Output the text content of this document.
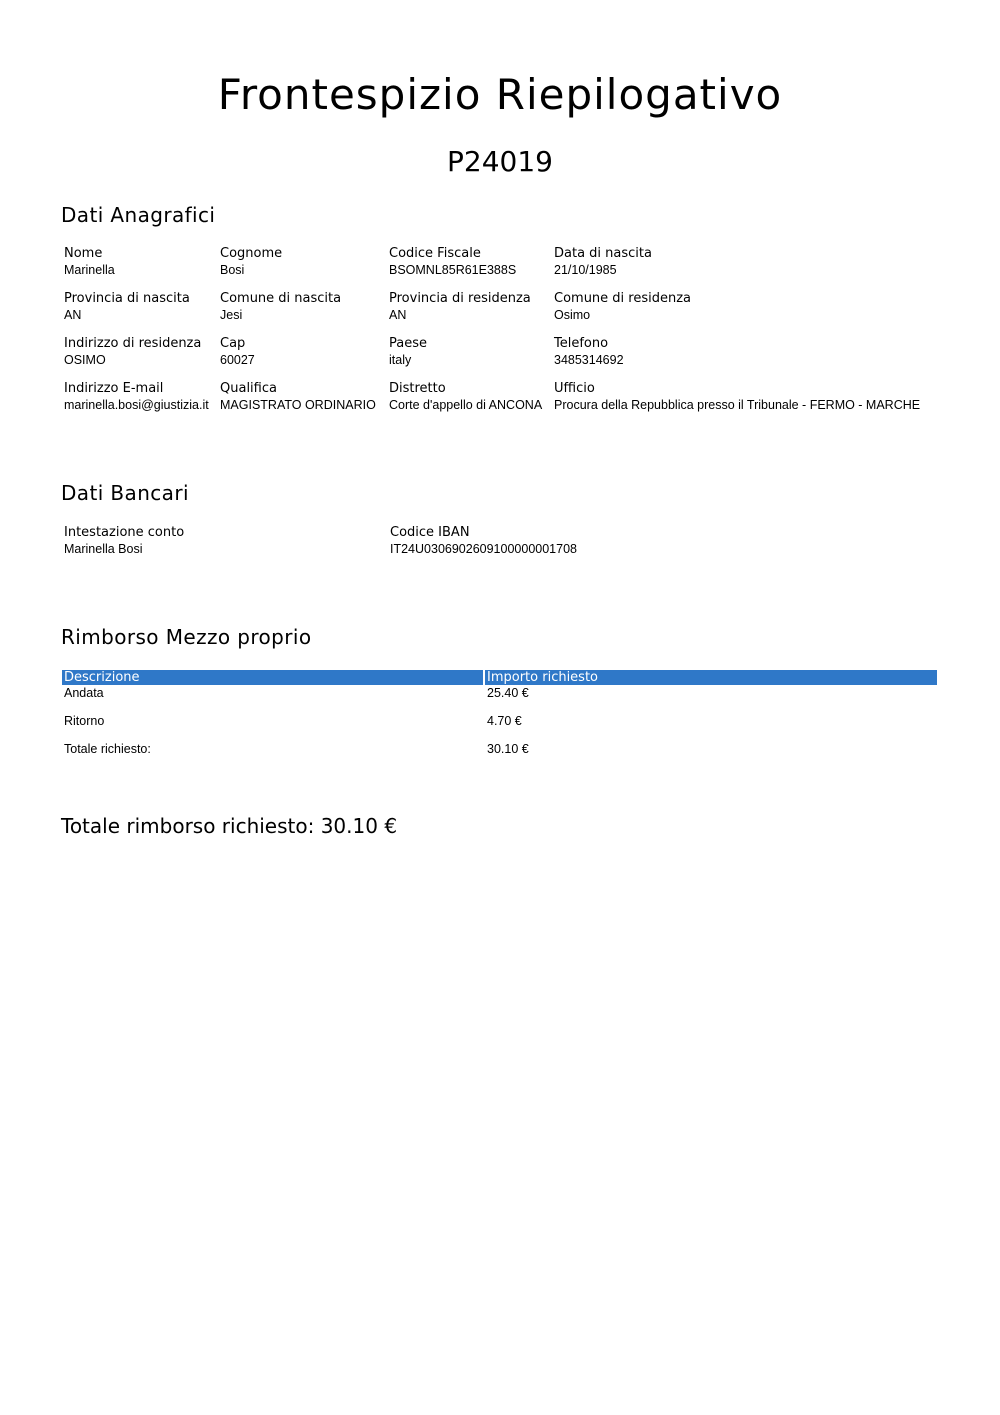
Frontespizio Riepilogativo
P24019
Dati Anagrafici
Nome
Marinella
Cognome
Bosi
Codice Fiscale
BSOMNL85R61E388S
Data di nascita
21/10/1985
Provincia di nascita
AN
Comune di nascita
Jesi
Provincia di residenza
AN
Comune di residenza
Osimo
Indirizzo di residenza
OSIMO
Cap
60027
Paese
italy
Telefono
3485314692
Indirizzo E-mail
marinella.bosi@giustizia.it
Qualifica
MAGISTRATO ORDINARIO
Distretto
Corte d'appello di ANCONA
Ufficio
Procura della Repubblica presso il Tribunale - FERMO - MARCHE
Dati Bancari
Intestazione conto
Marinella Bosi
Codice IBAN
IT24U0306902609100000001708
Rimborso Mezzo proprio
Descrizione	Importo richiesto
Andata	25.40 €
Ritorno	4.70 €
Totale richiesto:	30.10 €
Totale rimborso richiesto: 30.10 €
